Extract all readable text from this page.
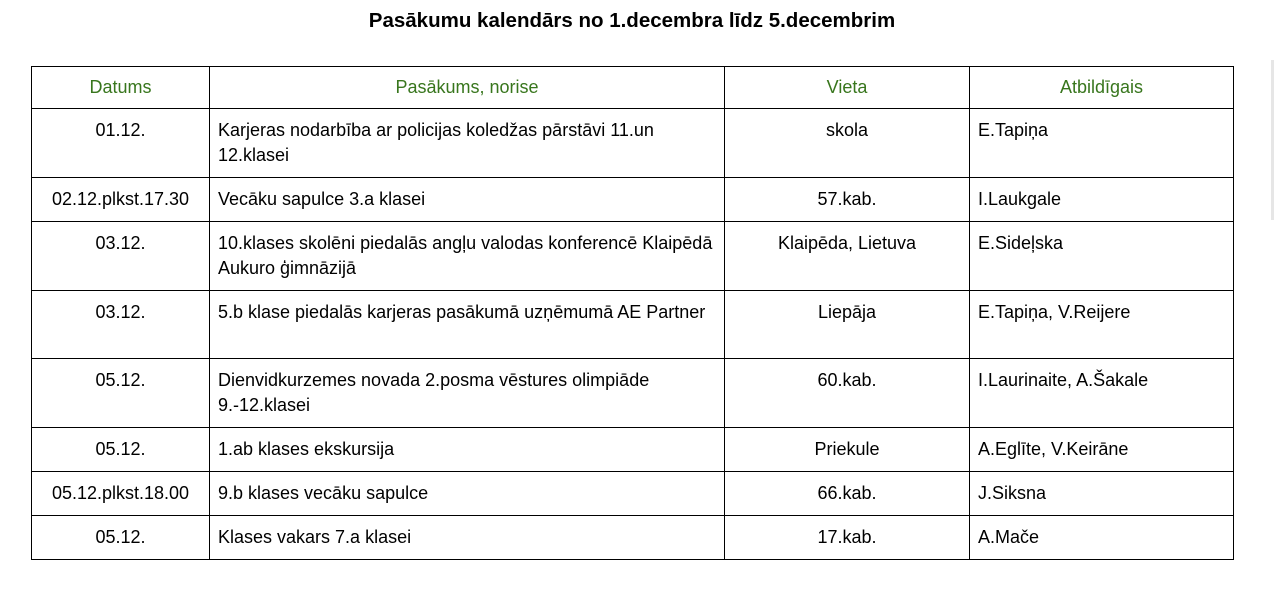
Pasākumu kalendārs no 1.decembra līdz 5.decembrim
Datums	Pasākums, norise	Vieta	Atbildīgais
01.12.	Karjeras nodarbība ar policijas koledžas pārstāvi 11.un 12.klasei	skola	E.Tapiņa
02.12.plkst.17.30	Vecāku sapulce 3.a klasei	57.kab.	I.Laukgale
03.12.	10.klases skolēni piedalās angļu valodas konferencē Klaipēdā Aukuro ģimnāzijā	Klaipēda, Lietuva	E.Sideļska
03.12.	5.b klase piedalās karjeras pasākumā uzņēmumā AE Partner	Liepāja	E.Tapiņa, V.Reijere
05.12.	Dienvidkurzemes novada 2.posma vēstures olimpiāde 9.-12.klasei	60.kab.	I.Laurinaite, A.Šakale
05.12.	1.ab klases ekskursija	Priekule	A.Eglīte, V.Keirāne
05.12.plkst.18.00	9.b klases vecāku sapulce	66.kab.	J.Siksna
05.12.	Klases vakars 7.a klasei	17.kab.	A.Mače
